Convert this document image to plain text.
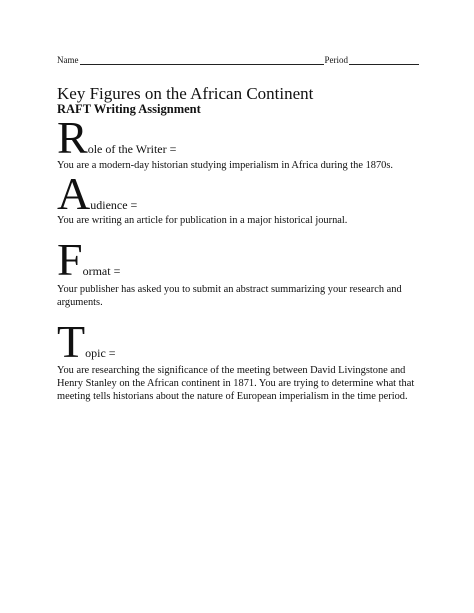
Name	Period
Key Figures on the African Continent
RAFT Writing Assignment
Role of the Writer =
You are a modern-day historian studying imperialism in Africa during the 1870s.
Audience =
You are writing an article for publication in a major historical journal.
Format =
Your publisher has asked you to submit an abstract summarizing your research and arguments.
Topic =
You are researching the significance of the meeting between David Livingstone and Henry Stanley on the African continent in 1871. You are trying to determine what that meeting tells historians about the nature of European imperialism in the time period.
